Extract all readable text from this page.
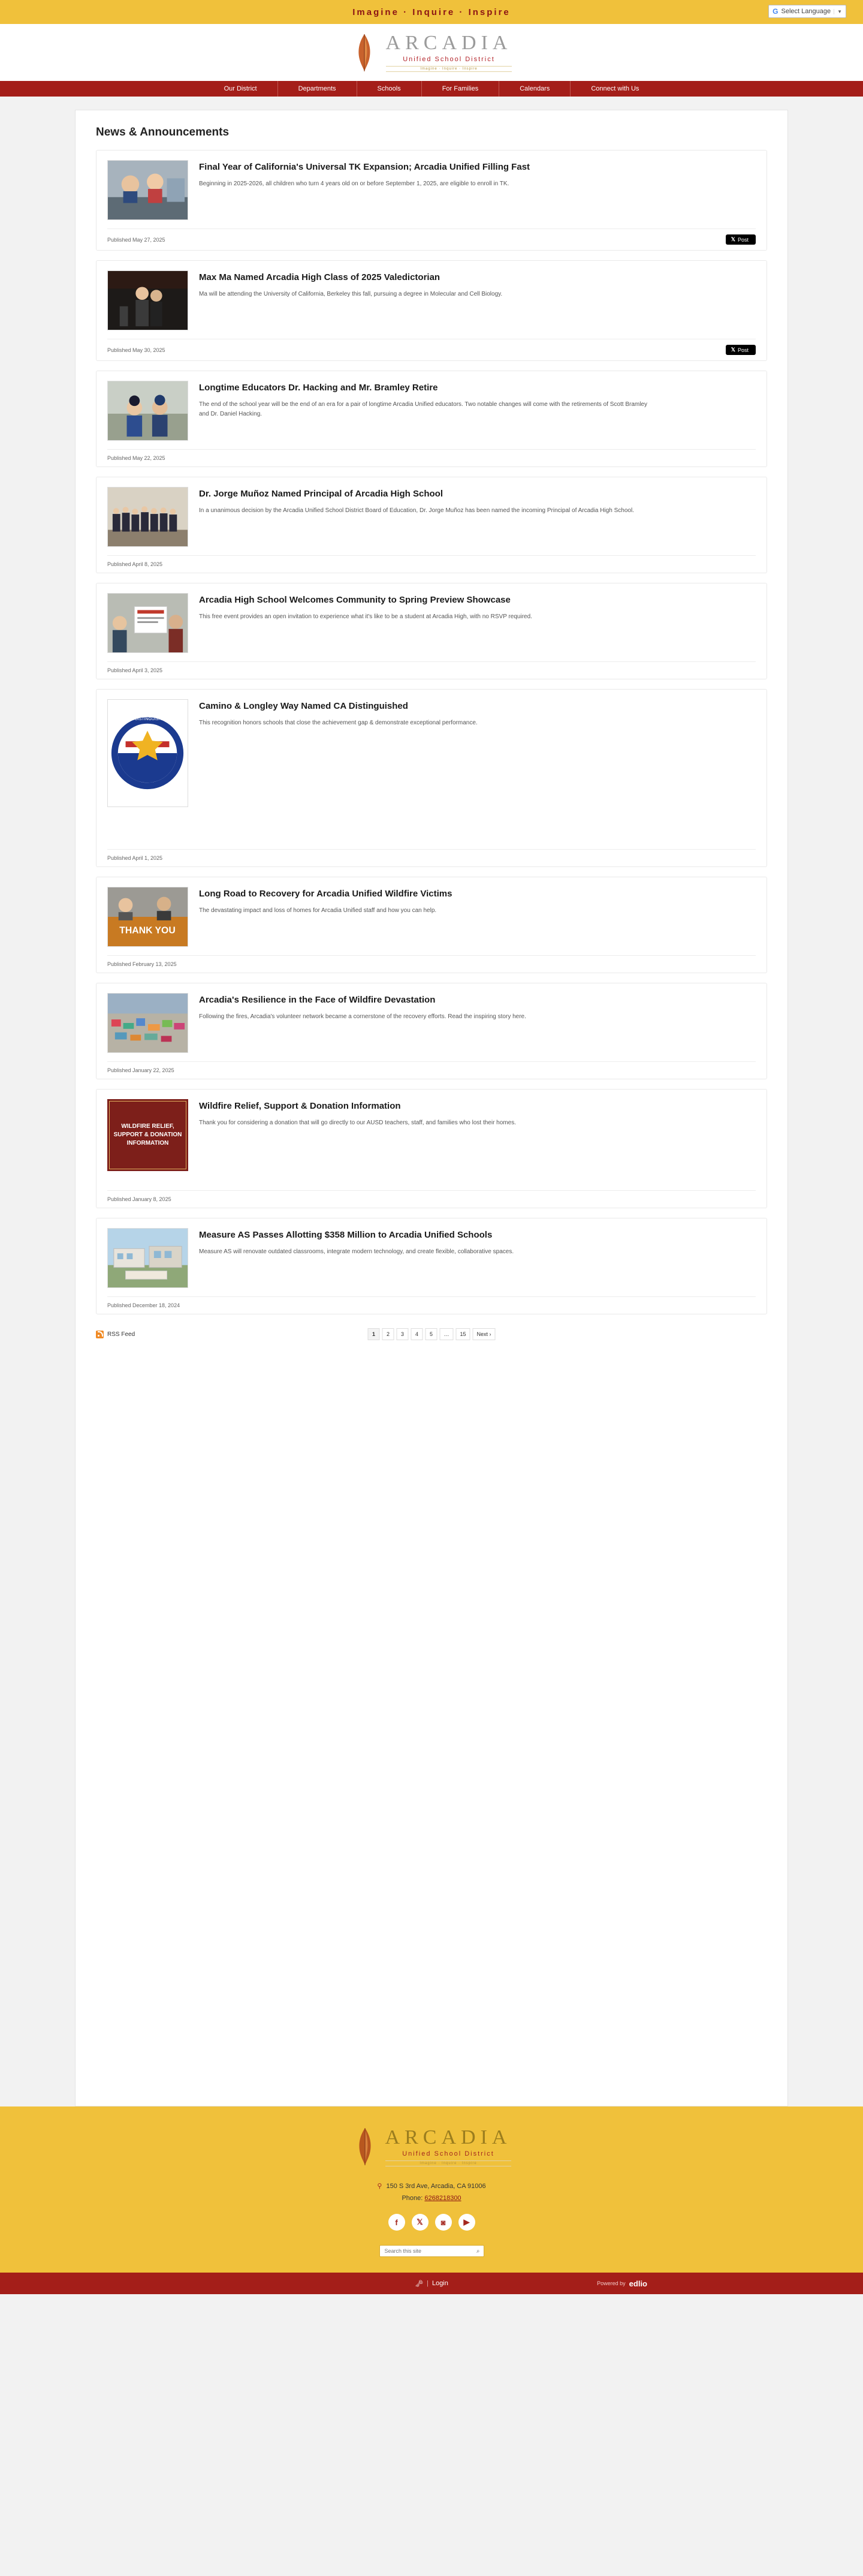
Imagine · Inquire · Inspire	G Select Language	▼
ARCADIA
Unified School District
Imagine · Inquire · Inspire
Our District	Departments	Schools	For Families	Calendars	Connect with Us
News & Announcements
Final Year of California's Universal TK Expansion; Arcadia Unified Filling Fast

Beginning in 2025-2026, all children who turn 4 years old on or before September 1, 2025, are eligible to enroll in TK.

Published May 27, 2025	𝕏 Post
Max Ma Named Arcadia High Class of 2025 Valedictorian

Ma will be attending the University of California, Berkeley this fall, pursuing a degree in Molecular and Cell Biology.

Published May 30, 2025	𝕏 Post
Longtime Educators Dr. Hacking and Mr. Bramley Retire

The end of the school year will be the end of an era for a pair of longtime Arcadia Unified educators. Two notable changes will come with the retirements of Scott Bramley and Dr. Daniel Hacking.

Published May 22, 2025
Dr. Jorge Muñoz Named Principal of Arcadia High School

In a unanimous decision by the Arcadia Unified School District Board of Education, Dr. Jorge Muñoz has been named the incoming Principal of Arcadia High School.

Published April 8, 2025
Arcadia High School Welcomes Community to Spring Preview Showcase

This free event provides an open invitation to experience what it's like to be a student at Arcadia High, with no RSVP required.

Published April 3, 2025
CALIFORNIA DISTINGUISHED SCHOOL
Camino & Longley Way Named CA Distinguished

This recognition honors schools that close the achievement gap & demonstrate exceptional performance.

Published April 1, 2025
THANK YOU
Long Road to Recovery for Arcadia Unified Wildfire Victims

The devastating impact and loss of homes for Arcadia Unified staff and how you can help.

Published February 13, 2025
Arcadia's Resilience in the Face of Wildfire Devastation

Following the fires, Arcadia's volunteer network became a cornerstone of the recovery efforts. Read the inspiring story here.

Published January 22, 2025
WILDFIRE RELIEF, SUPPORT & DONATION INFORMATION
Wildfire Relief, Support & Donation Information

Thank you for considering a donation that will go directly to our AUSD teachers, staff, and families who lost their homes.

Published January 8, 2025
Measure AS Passes Allotting $358 Million to Arcadia Unified Schools

Measure AS will renovate outdated classrooms, integrate modern technology, and create flexible, collaborative spaces.

Published December 18, 2024
RSS Feed	1	2	3	4	5	…	15	Next ›
ARCADIA
Unified School District
Imagine · Inquire · Inspire
⚲ 150 S 3rd Ave, Arcadia, CA 91006
Phone: 6268218300
f	𝕏	◙	▶
Search this site
⌕
🗝 | Login	Powered by edlio
